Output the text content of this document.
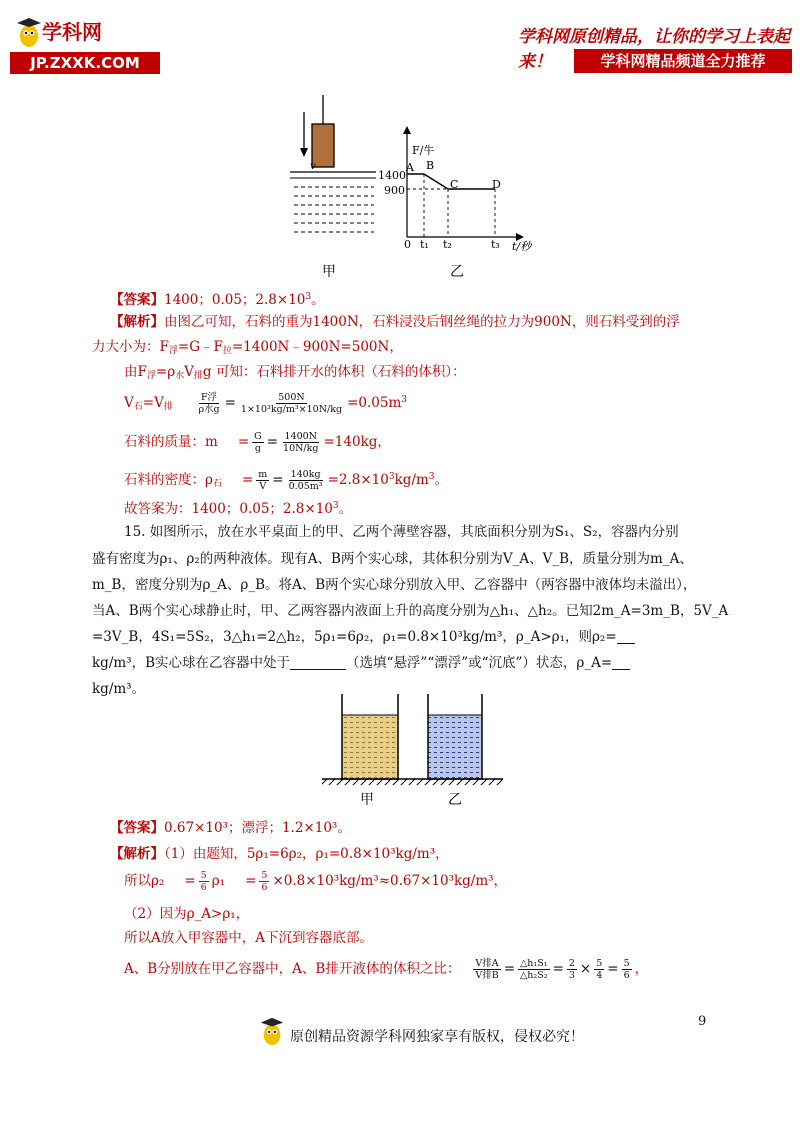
学科网
JP.ZXXK.COM
学科网原创精品，让你的学习上表起来！	学科网精品频道全力推荐
v
F/牛
t/秒
1400
900
0 t₁ t₂	t₃
A B
C	D
甲	乙
【答案】1400；0.05；$2.8\times 10^3$。
【解析】由图乙可知，石料的重为1400N，石料浸没后钢丝绳的拉力为900N，则石料受到的浮
力大小为：$F_浮=G﹣F_拉=1400N﹣900N=500N$，
由$F_浮=\rho_水V_排g$ 可知：石料排开水的体积（石料的体积）：
$V_石=V_排 \frac{\text{F浮}}{\text{ρ水g}} = \frac{500N}{\text{1×10³kg/m³×10N/kg}} =0.05m^3$
石料的质量：$m = \frac{G}{g} = \frac{1400N}{10N/kg} =140kg$，
石料的密度：$\rho_石 = \frac{m}{V} = \frac{140kg}{\text{0.05m³}} =2.8\times 10^3kg/m^3$。
故答案为：1400；0.05；$2.8\times 10^3$。
15. 如图所示，放在水平桌面上的甲、乙两个薄壁容器，其底面积分别为S₁、S₂，容器内分别
盛有密度为ρ₁、ρ₂的两种液体。现有A、B两个实心球，其体积分别为V_A、V_B，质量分别为m_A、
m_B，密度分别为ρ_A、ρ_B。将A、B两个实心球分别放入甲、乙容器中（两容器中液体均未溢出），
当A、B两个实心球静止时，甲、乙两容器内液面上升的高度分别为△h₁、△h₂。已知2m_A=3m_B，5V_A
=3V_B，4S₁=5S₂，3△h₁=2△h₂，5ρ₁=6ρ₂，ρ₁=0.8×10³kg/m³，ρ_A>ρ₁，则ρ₂=
kg/m³，B实心球在乙容器中处于	（选填“悬浮”“漂浮”或“沉底”）状态，ρ_A=
kg/m³。
甲	乙
【答案】0.67×10³；漂浮；1.2×10³。
【解析】（1）由题知，5ρ₁=6ρ₂，ρ₁=0.8×10³kg/m³，
所以$\rho_2 = \frac{5}{6} \rho_1 = \frac{5}{6} \times 0.8\times 10^3kg/m^3\approx 0.67\times 10^3kg/m^3$，
（2）因为ρ_A>ρ₁，
所以A放入甲容器中，A下沉到容器底部。
A、B分别放在甲乙容器中，A、B排开液体的体积之比： $\frac{\text{V排A}}{\text{V排B}} = \frac{\text{△h₁S₁}}{\text{△h₂S₂}} = \frac{2}{3} \times \frac{5}{4} = \frac{5}{6}$ ，
9
原创精品资源学科网独家享有版权，侵权必究！
